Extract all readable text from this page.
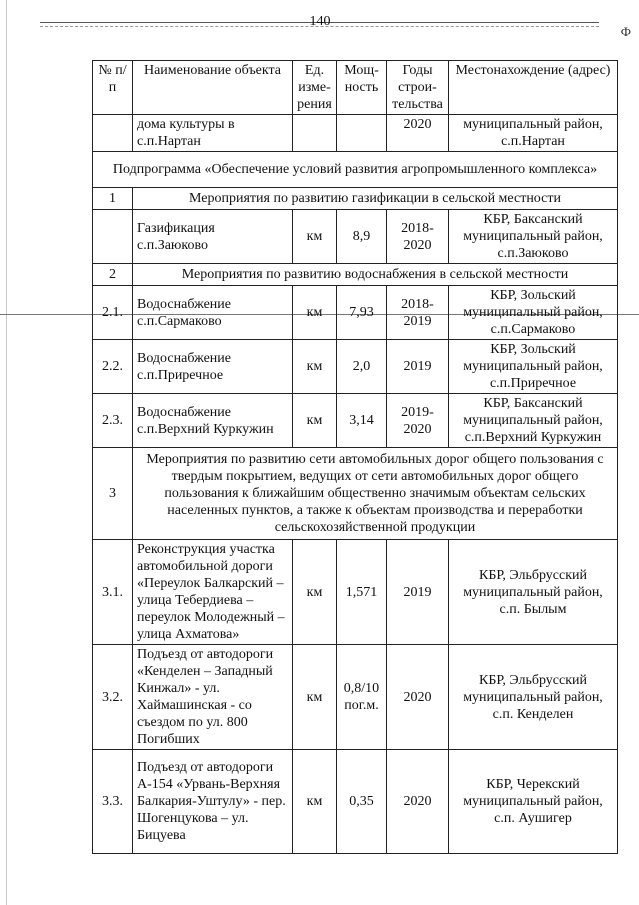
140
Ф
№ п/п	Наименование объекта	Ед. изме-рения	Мощ-ность	Годы строи-тельства	Местонахождение (адрес)
	дома культуры в с.п.Нартан			2020	муниципальный район, с.п.Нартан
Подпрограмма «Обеспечение условий развития агропромышленного комплекса»					
1	Мероприятия по развитию газификации в сельской местности				
	Газификация с.п.Заюково	км	8,9	2018-2020	КБР, Баксанский муниципальный район, с.п.Заюково
2	Мероприятия по развитию водоснабжения в сельской местности				
2.1.	Водоснабжение с.п.Сармаково	км	7,93	2018-2019	КБР, Зольский муниципальный район, с.п.Сармаково
2.2.	Водоснабжение с.п.Приречное	км	2,0	2019	КБР, Зольский муниципальный район, с.п.Приречное
2.3.	Водоснабжение с.п.Верхний Куркужин	км	3,14	2019-2020	КБР, Баксанский муниципальный район, с.п.Верхний Куркужин
3	Мероприятия по развитию сети автомобильных дорог общего пользования с твердым покрытием, ведущих от сети автомобильных дорог общего пользования к ближайшим общественно значимым объектам сельских населенных пунктов, а также к объектам производства и переработки сельскохозяйственной продукции				
3.1.	Реконструкция участка автомобильной дороги «Переулок Балкарский – улица Тебердиева – переулок Молодежный – улица Ахматова»	км	1,571	2019	КБР, Эльбрусский муниципальный район, с.п. Былым
3.2.	Подъезд от автодороги «Кенделен – Западный Кинжал» - ул. Хаймашинская - со съездом по ул. 800 Погибших	км	0,8/10 пог.м.	2020	КБР, Эльбрусский муниципальный район, с.п. Кенделен
3.3.	Подъезд от автодороги А-154 «Урвань-Верхняя Балкария-Уштулу» - пер. Шогенцукова – ул. Бицуева	км	0,35	2020	КБР, Черекский муниципальный район, с.п. Аушигер
